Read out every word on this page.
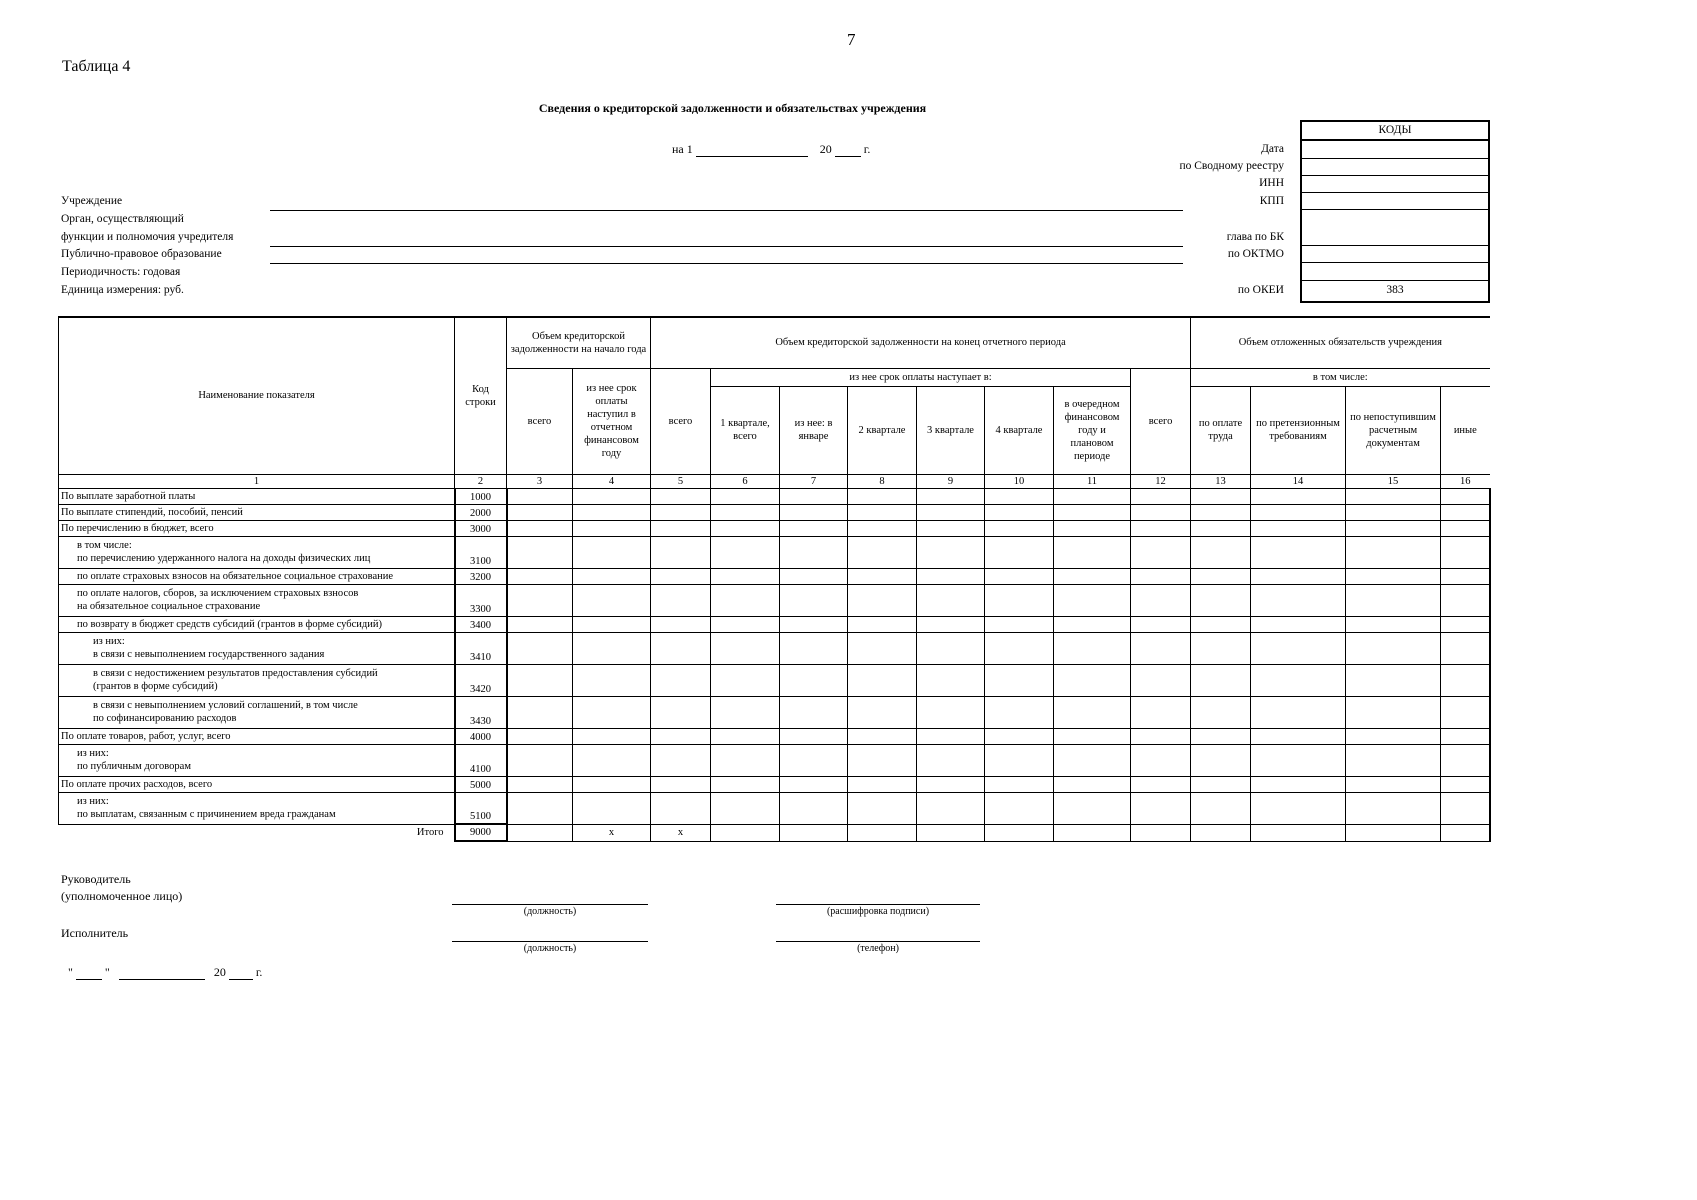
7
Таблица 4
Сведения о кредиторской задолженности и обязательствах учреждения
на 1	20	г.
Учреждение
Орган, осуществляющий
функции и полномочия учредителя
Публично-правовое образование
Периодичность: годовая
Единица измерения: руб.
Дата
по Сводному реестру
ИНН
КПП
глава по БК
по ОКТМО
по ОКЕИ
КОДЫ
383
Наименование показателя	Код строки	Объем кредиторской задолженности на начало года		Объем кредиторской задолженности на конец отчетного периода								Объем отложенных обязательств учреждения			
		всего	из нее срок оплаты наступил в отчетном финансовом году	всего	из нее срок оплаты наступает в:						всего	в том числе:			
					1 квартале, всего	из нее: в январе	2 квартале	3 квартале	4 квартале	в очередном финансовом году и плановом периоде		по оплате труда	по претензионным требованиям	по непоступившим расчетным документам	иные
1	2	3	4	5	6	7	8	9	10	11	12	13	14	15	16

По выплате заработной платы	1000														

По выплате стипендий, пособий, пенсий	2000														

По перечислению в бюджет, всего	3000														

в том числе:
по перечислению удержанного налога на доходы физических лиц	3100														

по оплате страховых взносов на обязательное социальное страхование	3200														

по оплате налогов, сборов, за исключением страховых взносов
на обязательное социальное страхование	3300														

по возврату в бюджет средств субсидий (грантов в форме субсидий)	3400														

из них:
в связи с невыполнением государственного задания	3410														

в связи с недостижением результатов предоставления субсидий
(грантов в форме субсидий)	3420														

в связи с невыполнением условий соглашений, в том числе
по софинансированию расходов	3430														

По оплате товаров, работ, услуг, всего	4000														

из них:
по публичным договорам	4100														

По оплате прочих расходов, всего	5000														

из них:
по выплатам, связанным с причинением вреда гражданам	5100														
Итого	9000		x	x											
Руководитель
(уполномоченное лицо)
(должность)	(расшифровка подписи)
Исполнитель
(должность)	(телефон)
"	"	20	г.
